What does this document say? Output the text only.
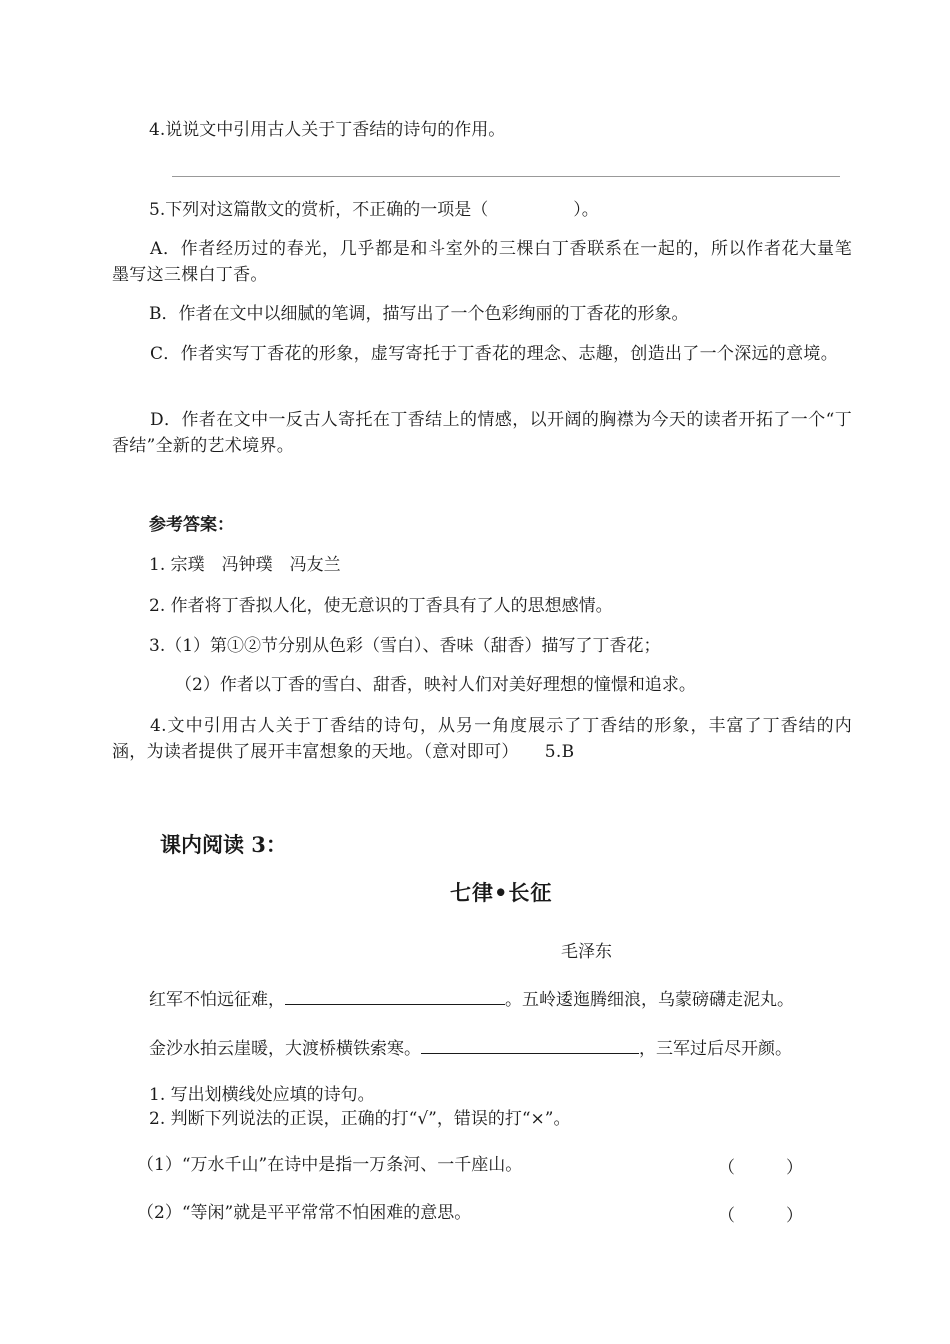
4.说说文中引用古人关于丁香结的诗句的作用。

5.下列对这篇散文的赏析，不正确的一项是（　　　　　）。

A．作者经历过的春光，几乎都是和斗室外的三棵白丁香联系在一起的，所以作者花大量笔墨写这三棵白丁香。

B．作者在文中以细腻的笔调，描写出了一个色彩绚丽的丁香花的形象。

C．作者实写丁香花的形象，虚写寄托于丁香花的理念、志趣，创造出了一个深远的意境。

D．作者在文中一反古人寄托在丁香结上的情感，以开阔的胸襟为今天的读者开拓了一个“丁香结”全新的艺术境界。

参考答案：

1. 宗璞　冯钟璞　冯友兰

2. 作者将丁香拟人化，使无意识的丁香具有了人的思想感情。

3.（1）第①②节分别从色彩（雪白）、香味（甜香）描写了丁香花；

（2）作者以丁香的雪白、甜香，映衬人们对美好理想的憧憬和追求。

4.文中引用古人关于丁香结的诗句，从另一角度展示了丁香结的形象，丰富了丁香结的内涵，为读者提供了展开丰富想象的天地。（意对即可）　　5.B

课内阅读 3：
七律•长征

毛泽东

红军不怕远征难，	。五岭逶迤腾细浪，乌蒙磅礴走泥丸。

金沙水拍云崖暖，大渡桥横铁索寒。	，三军过后尽开颜。

1. 写出划横线处应填的诗句。

2. 判断下列说法的正误，正确的打“√”，错误的打“×”。

（1）“万水千山”在诗中是指一万条河、一千座山。	（　　　）

（2）“等闲”就是平平常常不怕困难的意思。	（　　　）
